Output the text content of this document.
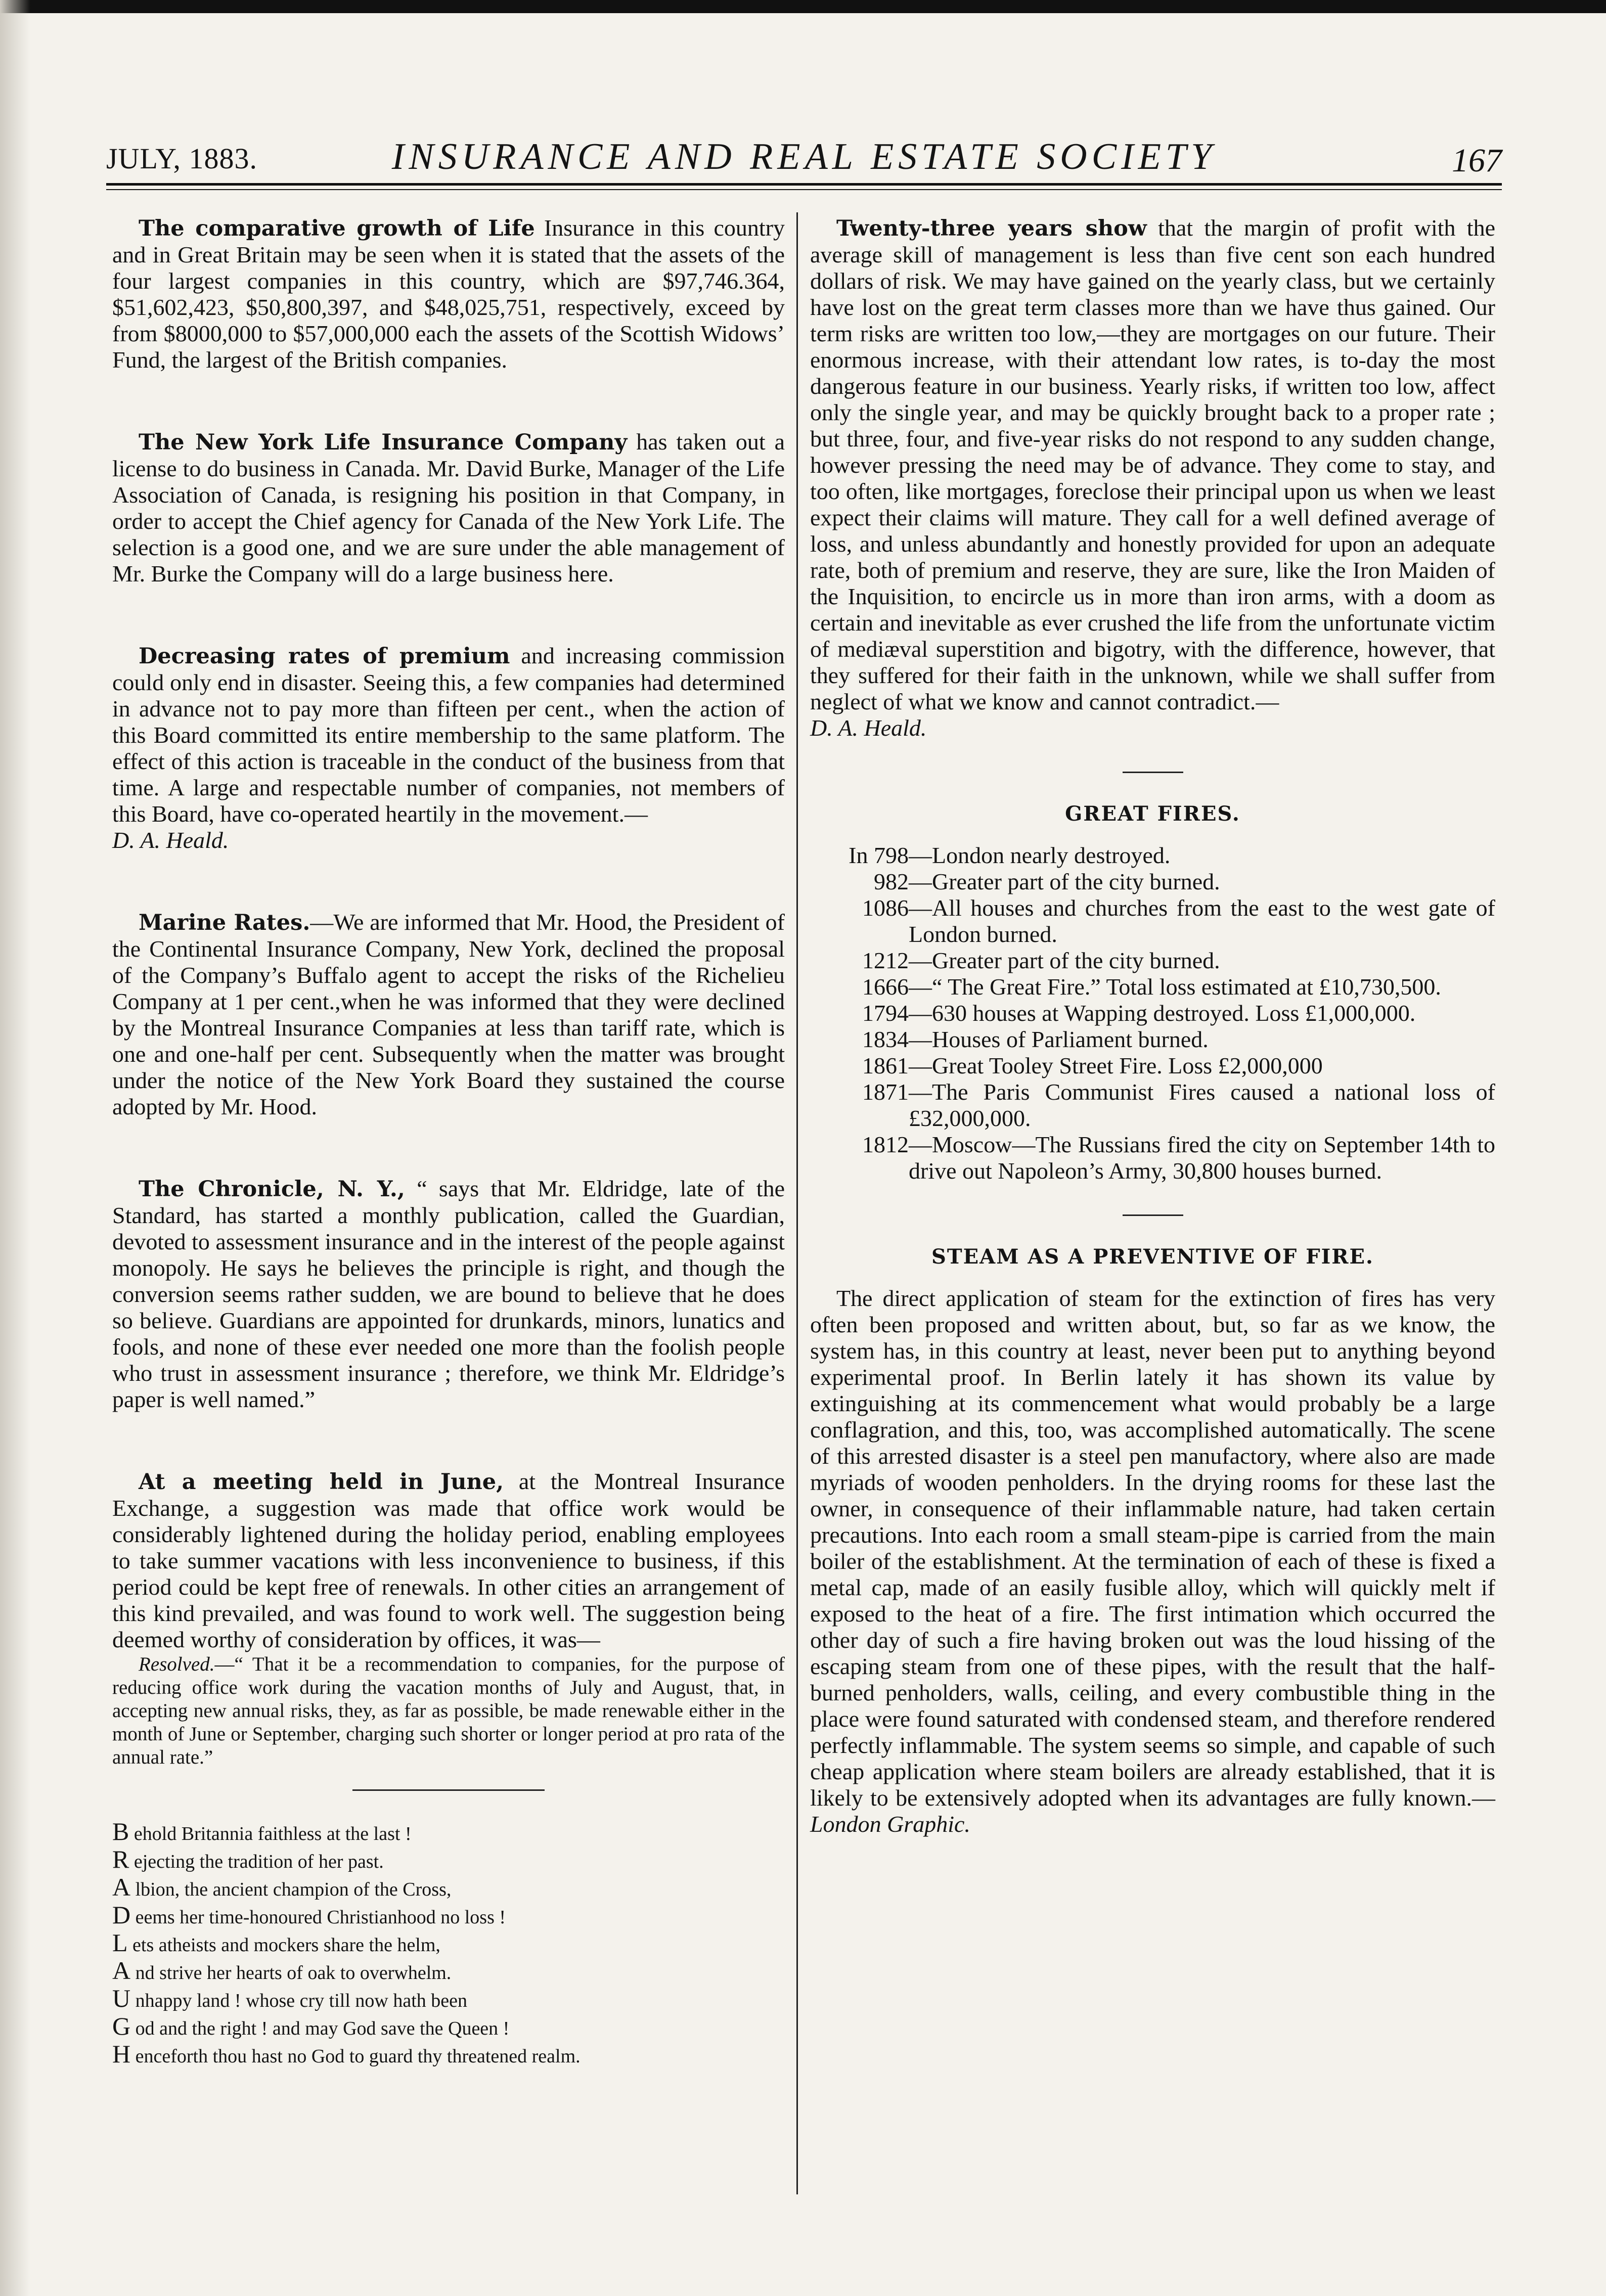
JULY, 1883.	INSURANCE AND REAL ESTATE SOCIETY	167

The comparative growth of Life Insurance in this country and in Great Britain may be seen when it is stated that the assets of the four largest companies in this country, which are $97,746.364, $51,602,423, $50,800,397, and $48,025,751, respectively, exceed by from $8000,000 to $57,000,000 each the assets of the Scottish Widows’ Fund, the largest of the British companies.

The New York Life Insurance Company has taken out a license to do business in Canada. Mr. David Burke, Manager of the Life Association of Canada, is resigning his position in that Company, in order to accept the Chief agency for Canada of the New York Life. The selection is a good one, and we are sure under the able management of Mr. Burke the Company will do a large business here.

Decreasing rates of premium and increasing commission could only end in disaster. Seeing this, a few companies had determined in advance not to pay more than fifteen per cent., when the action of this Board committed its entire membership to the same platform. The effect of this action is traceable in the conduct of the business from that time. A large and respectable number of companies, not members of this Board, have co-operated heartily in the movement.—

D. A. Heald.

Marine Rates.—We are informed that Mr. Hood, the President of the Continental Insurance Company, New York, declined the proposal of the Company’s Buffalo agent to accept the risks of the Richelieu Company at 1 per cent.,when he was informed that they were declined by the Montreal Insurance Companies at less than tariff rate, which is one and one-half per cent. Subsequently when the matter was brought under the notice of the New York Board they sustained the course adopted by Mr. Hood.

The Chronicle, N. Y., “ says that Mr. Eldridge, late of the Standard, has started a monthly publication, called the Guardian, devoted to assessment insurance and in the interest of the people against monopoly. He says he believes the principle is right, and though the conversion seems rather sudden, we are bound to believe that he does so believe. Guardians are appointed for drunkards, minors, lunatics and fools, and none of these ever needed one more than the foolish people who trust in assessment insurance ; therefore, we think Mr. Eldridge’s paper is well named.”

At a meeting held in June, at the Montreal Insurance Exchange, a suggestion was made that office work would be considerably lightened during the holiday period, enabling employees to take summer vacations with less inconvenience to business, if this period could be kept free of renewals. In other cities an arrangement of this kind prevailed, and was found to work well. The suggestion being deemed worthy of consideration by offices, it was—

Resolved.—“ That it be a recommendation to companies, for the purpose of reducing office work during the vacation months of July and August, that, in accepting new annual risks, they, as far as possible, be made renewable either in the month of June or September, charging such shorter or longer period at pro rata of the annual rate.”

B ehold Britannia faithless at the last !
R ejecting the tradition of her past.
A lbion, the ancient champion of the Cross,
D eems her time-honoured Christianhood no loss !
L ets atheists and mockers share the helm,
A nd strive her hearts of oak to overwhelm.
U nhappy land ! whose cry till now hath been
G od and the right ! and may God save the Queen !
H enceforth thou hast no God to guard thy threatened realm.

Twenty-three years show that the margin of profit with the average skill of management is less than five cent son each hundred dollars of risk. We may have gained on the yearly class, but we certainly have lost on the great term classes more than we have thus gained. Our term risks are written too low,—they are mortgages on our future. Their enormous increase, with their attendant low rates, is to-day the most dangerous feature in our business. Yearly risks, if written too low, affect only the single year, and may be quickly brought back to a proper rate ; but three, four, and five-year risks do not respond to any sudden change, however pressing the need may be of advance. They come to stay, and too often, like mortgages, foreclose their principal upon us when we least expect their claims will mature. They call for a well defined average of loss, and unless abundantly and honestly provided for upon an adequate rate, both of premium and reserve, they are sure, like the Iron Maiden of the Inquisition, to encircle us in more than iron arms, with a doom as certain and inevitable as ever crushed the life from the unfortunate victim of mediæval superstition and bigotry, with the difference, however, that they suffered for their faith in the unknown, while we shall suffer from neglect of what we know and cannot contradict.—

D. A. Heald.

GREAT FIRES.
In 798 —London nearly destroyed.
982 —Greater part of the city burned.
1086 —All houses and churches from the east to the west gate of London burned.
1212 —Greater part of the city burned.
1666 —“ The Great Fire.” Total loss estimated at £10,730,500.
1794 —630 houses at Wapping destroyed. Loss £1,000,000.
1834 —Houses of Parliament burned.
1861 —Great Tooley Street Fire. Loss £2,000,000
1871 —The Paris Communist Fires caused a national loss of £32,000,000.
1812 —Moscow—The Russians fired the city on September 14th to drive out Napoleon’s Army, 30,800 houses burned.
STEAM AS A PREVENTIVE OF FIRE.

The direct application of steam for the extinction of fires has very often been proposed and written about, but, so far as we know, the system has, in this country at least, never been put to anything beyond experimental proof. In Berlin lately it has shown its value by extinguishing at its commencement what would probably be a large conflagration, and this, too, was accomplished automatically. The scene of this arrested disaster is a steel pen manufactory, where also are made myriads of wooden penholders. In the drying rooms for these last the owner, in consequence of their inflammable nature, had taken certain precautions. Into each room a small steam-pipe is carried from the main boiler of the establishment. At the termination of each of these is fixed a metal cap, made of an easily fusible alloy, which will quickly melt if exposed to the heat of a fire. The first intimation which occurred the other day of such a fire having broken out was the loud hissing of the escaping steam from one of these pipes, with the result that the half-burned penholders, walls, ceiling, and every combustible thing in the place were found saturated with condensed steam, and therefore rendered perfectly inflammable. The system seems so simple, and capable of such cheap application where steam boilers are already established, that it is likely to be extensively adopted when its advantages are fully known.—London Graphic.
